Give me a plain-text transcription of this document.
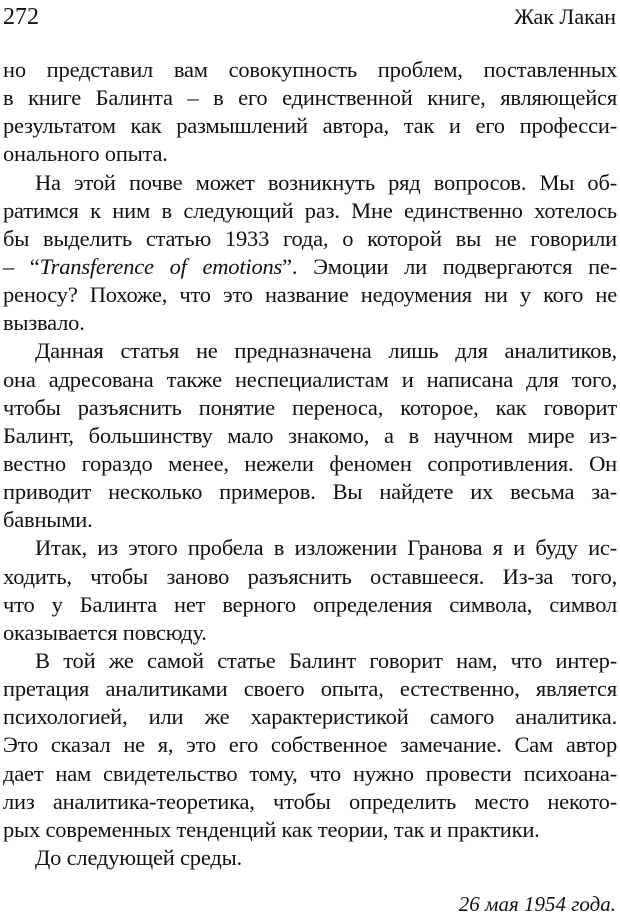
272	Жак Лакан
но представил вам совокупность проблем, поставленных
в книге Балинта – в его единственной книге, являющейся
результатом как размышлений автора, так и его професси-
онального опыта.
На этой почве может возникнуть ряд вопросов. Мы об-
ратимся к ним в следующий раз. Мне единственно хотелось
бы выделить статью 1933 года, о которой вы не говорили
– “Transference of emotions”. Эмоции ли подвергаются пе-
реносу? Похоже, что это название недоумения ни у кого не
вызвало.
Данная статья не предназначена лишь для аналитиков,
она адресована также неспециалистам и написана для того,
чтобы разъяснить понятие переноса, которое, как говорит
Балинт, большинству мало знакомо, а в научном мире из-
вестно гораздо менее, нежели феномен сопротивления. Он
приводит несколько примеров. Вы найдете их весьма за-
бавными.
Итак, из этого пробела в изложении Гранова я и буду ис-
ходить, чтобы заново разъяснить оставшееся. Из-за того,
что у Балинта нет верного определения символа, символ
оказывается повсюду.
В той же самой статье Балинт говорит нам, что интер-
претация аналитиками своего опыта, естественно, является
психологией, или же характеристикой самого аналитика.
Это сказал не я, это его собственное замечание. Сам автор
дает нам свидетельство тому, что нужно провести психоана-
лиз аналитика-теоретика, чтобы определить место некото-
рых современных тенденций как теории, так и практики.
До следующей среды.
26 мая 1954 года.
